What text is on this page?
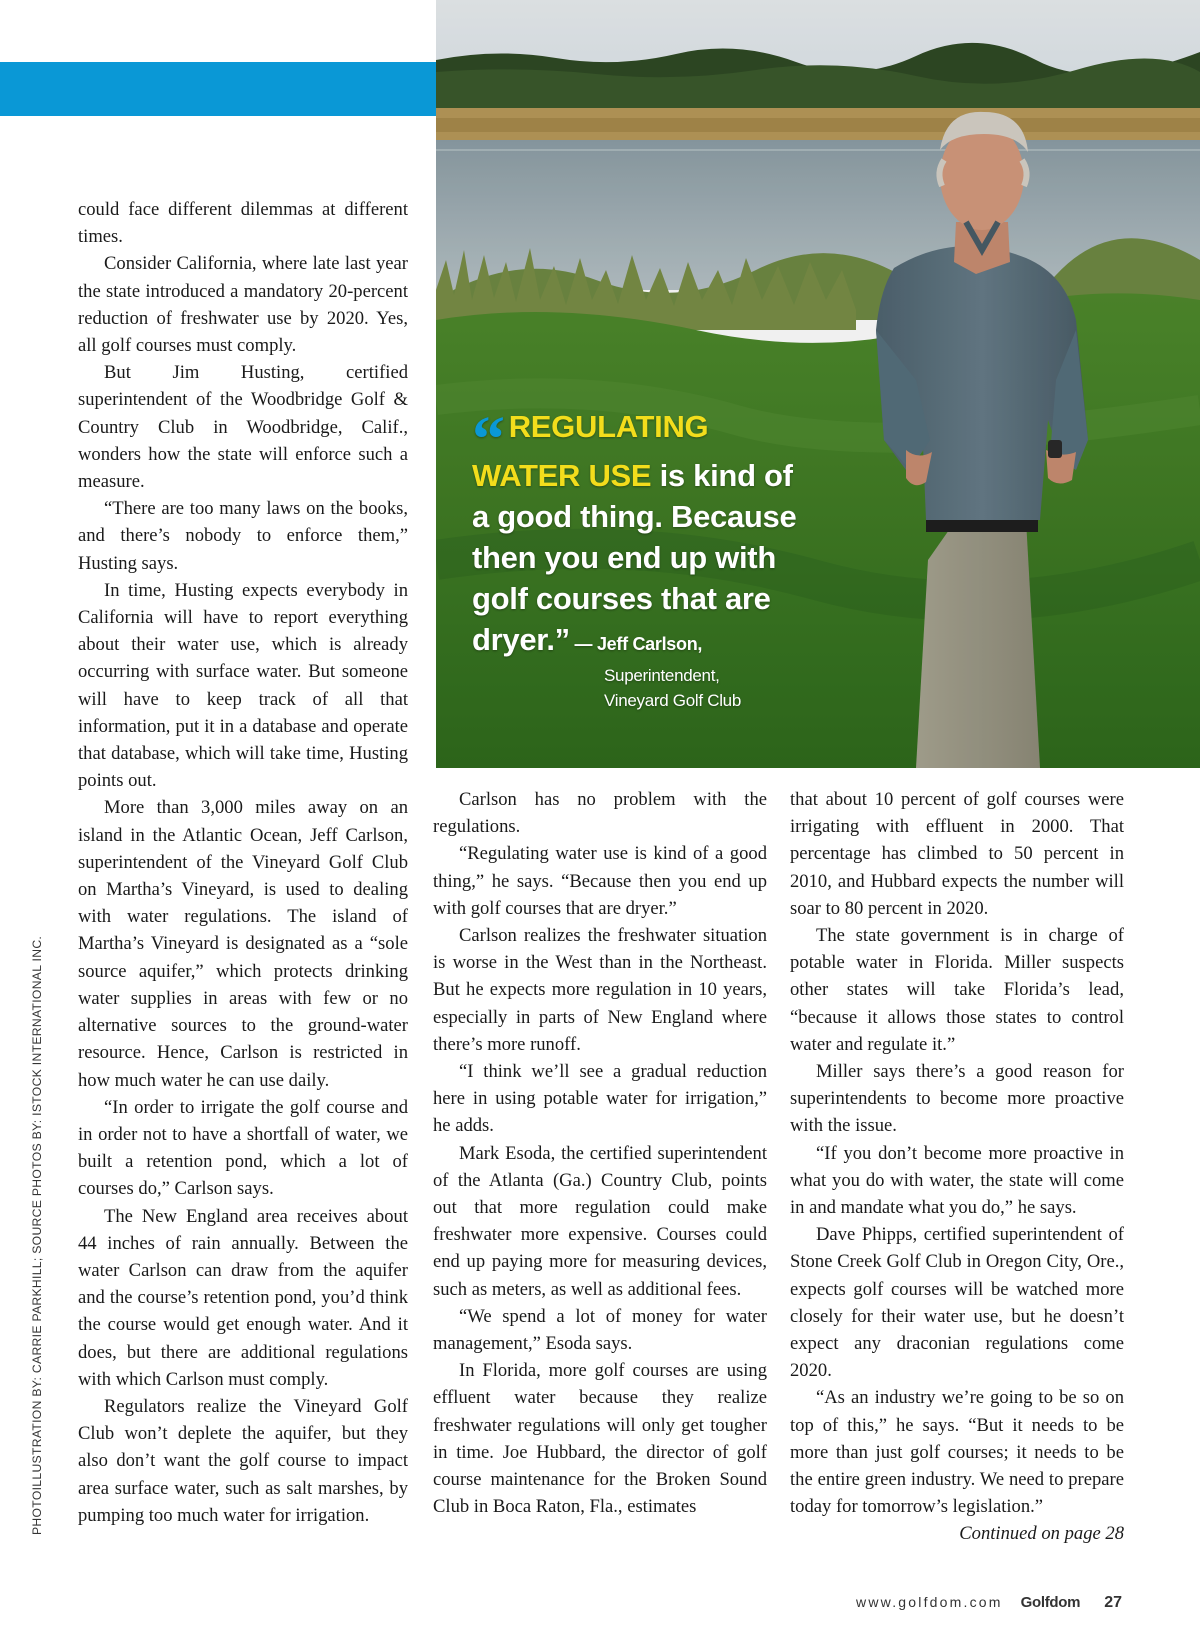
“ REGULATING
WATER USE is kind of a good thing. Because then you end up with golf courses that are dryer.” — Jeff Carlson,
Superintendent,
Vineyard Golf Club
PHOTOILLUSTRATION BY: CARRIE PARKHILL; SOURCE PHOTOS BY: ISTOCK INTERNATIONAL INC.

could face different dilemmas at different times.

Consider California, where late last year the state introduced a mandatory 20-percent reduction of freshwater use by 2020. Yes, all golf courses must comply.

But Jim Husting, certified superintendent of the Woodbridge Golf & Country Club in Woodbridge, Calif., wonders how the state will enforce such a measure.

“There are too many laws on the books, and there’s nobody to enforce them,” Husting says.

In time, Husting expects everybody in California will have to report everything about their water use, which is already occurring with surface water. But someone will have to keep track of all that information, put it in a database and operate that database, which will take time, Husting points out.

More than 3,000 miles away on an island in the Atlantic Ocean, Jeff Carlson, superintendent of the Vineyard Golf Club on Martha’s Vineyard, is used to dealing with water regulations. The island of Martha’s Vineyard is designated as a “sole source aquifer,” which protects drinking water supplies in areas with few or no alternative sources to the ground-water resource. Hence, Carlson is restricted in how much water he can use daily.

“In order to irrigate the golf course and in order not to have a shortfall of water, we built a retention pond, which a lot of courses do,” Carlson says.

The New England area receives about 44 inches of rain annually. Between the water Carlson can draw from the aquifer and the course’s retention pond, you’d think the course would get enough water. And it does, but there are additional regulations with which Carlson must comply.

Regulators realize the Vineyard Golf Club won’t deplete the aquifer, but they also don’t want the golf course to impact area surface water, such as salt marshes, by pumping too much water for irrigation.

Carlson has no problem with the regulations.

“Regulating water use is kind of a good thing,” he says. “Because then you end up with golf courses that are dryer.”

Carlson realizes the freshwater situation is worse in the West than in the Northeast. But he expects more regulation in 10 years, especially in parts of New England where there’s more runoff.

“I think we’ll see a gradual reduction here in using potable water for irrigation,” he adds.

Mark Esoda, the certified superintendent of the Atlanta (Ga.) Country Club, points out that more regulation could make freshwater more expensive. Courses could end up paying more for measuring devices, such as meters, as well as additional fees.

“We spend a lot of money for water management,” Esoda says.

In Florida, more golf courses are using effluent water because they realize freshwater regulations will only get tougher in time. Joe Hubbard, the director of golf course maintenance for the Broken Sound Club in Boca Raton, Fla., estimates

that about 10 percent of golf courses were irrigating with effluent in 2000. That percentage has climbed to 50 percent in 2010, and Hubbard expects the number will soar to 80 percent in 2020.

The state government is in charge of potable water in Florida. Miller suspects other states will take Florida’s lead, “because it allows those states to control water and regulate it.”

Miller says there’s a good reason for superintendents to become more proactive with the issue.

“If you don’t become more proactive in what you do with water, the state will come in and mandate what you do,” he says.

Dave Phipps, certified superintendent of Stone Creek Golf Club in Oregon City, Ore., expects golf courses will be watched more closely for their water use, but he doesn’t expect any draconian regulations come 2020.

“As an industry we’re going to be so on top of this,” he says. “But it needs to be more than just golf courses; it needs to be the entire green industry. We need to prepare today for tomorrow’s legislation.”

Continued on page 28

www.golfdom.com Golfdom 27
